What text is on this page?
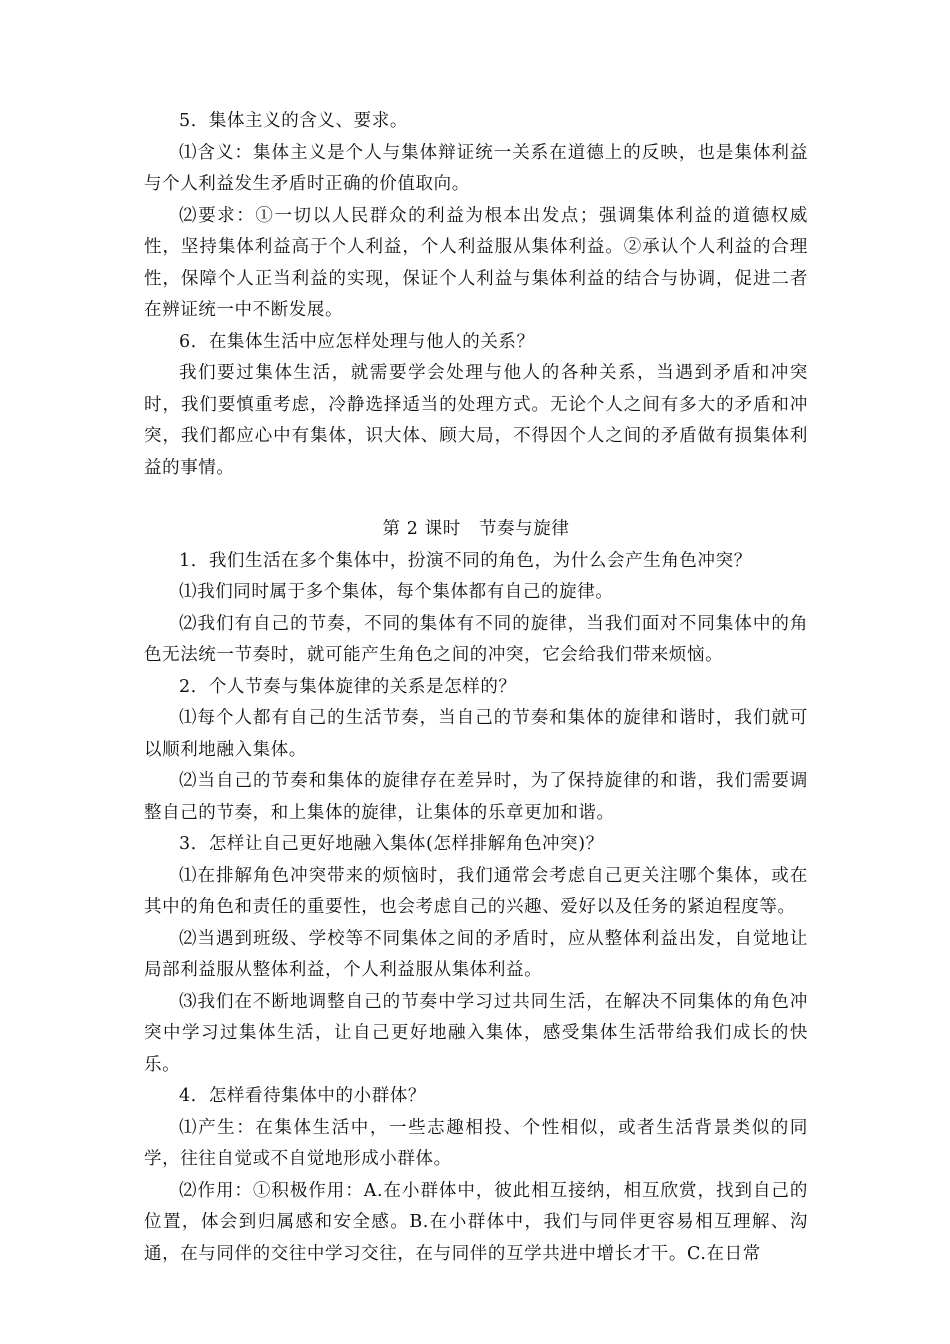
5．集体主义的含义、要求。

⑴含义：集体主义是个人与集体辩证统一关系在道德上的反映，也是集体利益与个人利益发生矛盾时正确的价值取向。

⑵要求：①一切以人民群众的利益为根本出发点；强调集体利益的道德权威性，坚持集体利益高于个人利益，个人利益服从集体利益。②承认个人利益的合理性，保障个人正当利益的实现，保证个人利益与集体利益的结合与协调，促进二者在辨证统一中不断发展。

6．在集体生活中应怎样处理与他人的关系？

我们要过集体生活，就需要学会处理与他人的各种关系，当遇到矛盾和冲突时，我们要慎重考虑，冷静选择适当的处理方式。无论个人之间有多大的矛盾和冲突，我们都应心中有集体，识大体、顾大局，不得因个人之间的矛盾做有损集体利益的事情。

第 2 课时　节奏与旋律

1．我们生活在多个集体中，扮演不同的角色，为什么会产生角色冲突？

⑴我们同时属于多个集体，每个集体都有自己的旋律。

⑵我们有自己的节奏，不同的集体有不同的旋律，当我们面对不同集体中的角色无法统一节奏时，就可能产生角色之间的冲突，它会给我们带来烦恼。

2．个人节奏与集体旋律的关系是怎样的？

⑴每个人都有自己的生活节奏，当自己的节奏和集体的旋律和谐时，我们就可以顺利地融入集体。

⑵当自己的节奏和集体的旋律存在差异时，为了保持旋律的和谐，我们需要调整自己的节奏，和上集体的旋律，让集体的乐章更加和谐。

3．怎样让自己更好地融入集体(怎样排解角色冲突)？

⑴在排解角色冲突带来的烦恼时，我们通常会考虑自己更关注哪个集体，或在其中的角色和责任的重要性，也会考虑自己的兴趣、爱好以及任务的紧迫程度等。

⑵当遇到班级、学校等不同集体之间的矛盾时，应从整体利益出发，自觉地让局部利益服从整体利益，个人利益服从集体利益。

⑶我们在不断地调整自己的节奏中学习过共同生活，在解决不同集体的角色冲突中学习过集体生活，让自己更好地融入集体，感受集体生活带给我们成长的快乐。

4．怎样看待集体中的小群体？

⑴产生：在集体生活中，一些志趣相投、个性相似，或者生活背景类似的同学，往往自觉或不自觉地形成小群体。

⑵作用：①积极作用：A.在小群体中，彼此相互接纳，相互欣赏，找到自己的位置，体会到归属感和安全感。B.在小群体中，我们与同伴更容易相互理解、沟通，在与同伴的交往中学习交往，在与同伴的互学共进中增长才干。C.在日常
